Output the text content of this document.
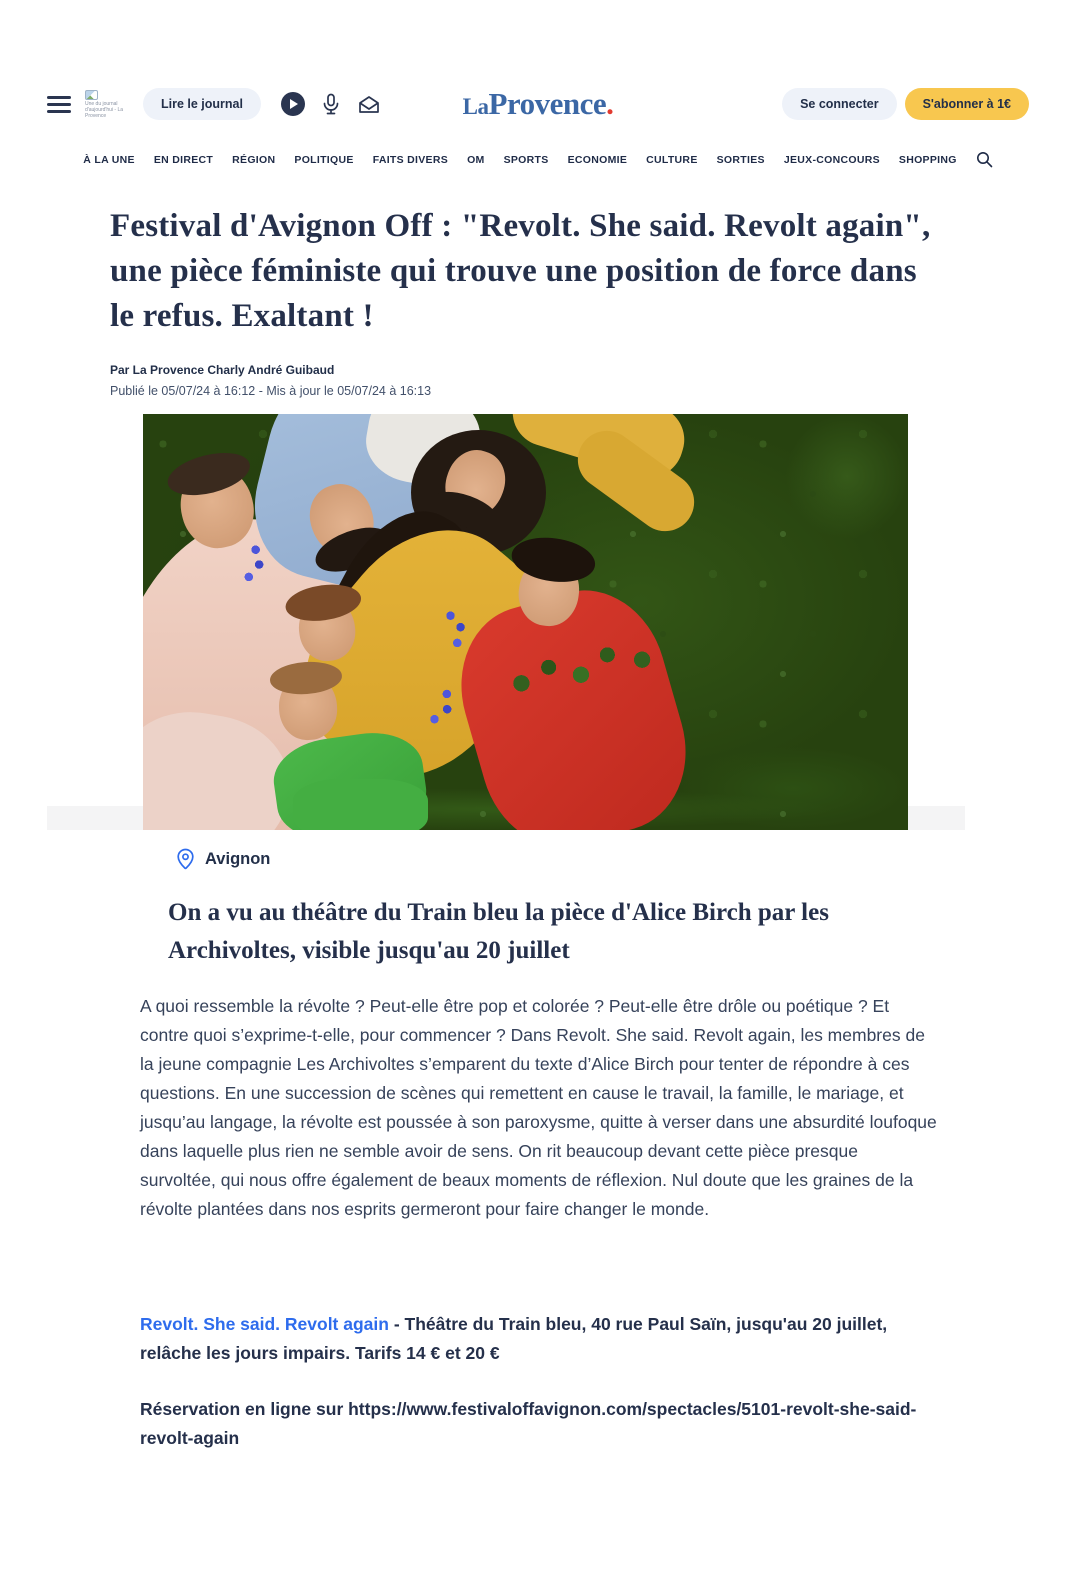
Une du journal d'aujourd'hui - La Provence
Lire le journal	La Provence .	Se connecter	S'abonner à 1€
À LA UNE EN DIRECT RÉGION POLITIQUE FAITS DIVERS OM SPORTS ECONOMIE CULTURE SORTIES JEUX-CONCOURS SHOPPING
Festival d'Avignon Off : "Revolt. She said. Revolt again", une pièce féministe qui trouve une position de force dans le refus. Exaltant !
Par La Provence Charly André Guibaud
Publié le 05/07/24 à 16:12 - Mis à jour le 05/07/24 à 16:13
Avignon
On a vu au théâtre du Train bleu la pièce d'Alice Birch par les Archivoltes, visible jusqu'au 20 juillet

A quoi ressemble la révolte ? Peut-elle être pop et colorée ? Peut-elle être drôle ou poétique ? Et contre quoi s’exprime-t-elle, pour commencer ? Dans Revolt. She said. Revolt again, les membres de la jeune compagnie Les Archivoltes s’emparent du texte d’Alice Birch pour tenter de répondre à ces questions. En une succession de scènes qui remettent en cause le travail, la famille, le mariage, et jusqu’au langage, la révolte est poussée à son paroxysme, quitte à verser dans une absurdité loufoque dans laquelle plus rien ne semble avoir de sens. On rit beaucoup devant cette pièce presque survoltée, qui nous offre également de beaux moments de réflexion. Nul doute que les graines de la révolte plantées dans nos esprits germeront pour faire changer le monde.

Revolt. She said. Revolt again - Théâtre du Train bleu, 40 rue Paul Saïn, jusqu'au 20 juillet, relâche les jours impairs. Tarifs 14 € et 20 €

Réservation en ligne sur https://www.festivaloffavignon.com/spectacles/5101-revolt-she-said-revolt-again
